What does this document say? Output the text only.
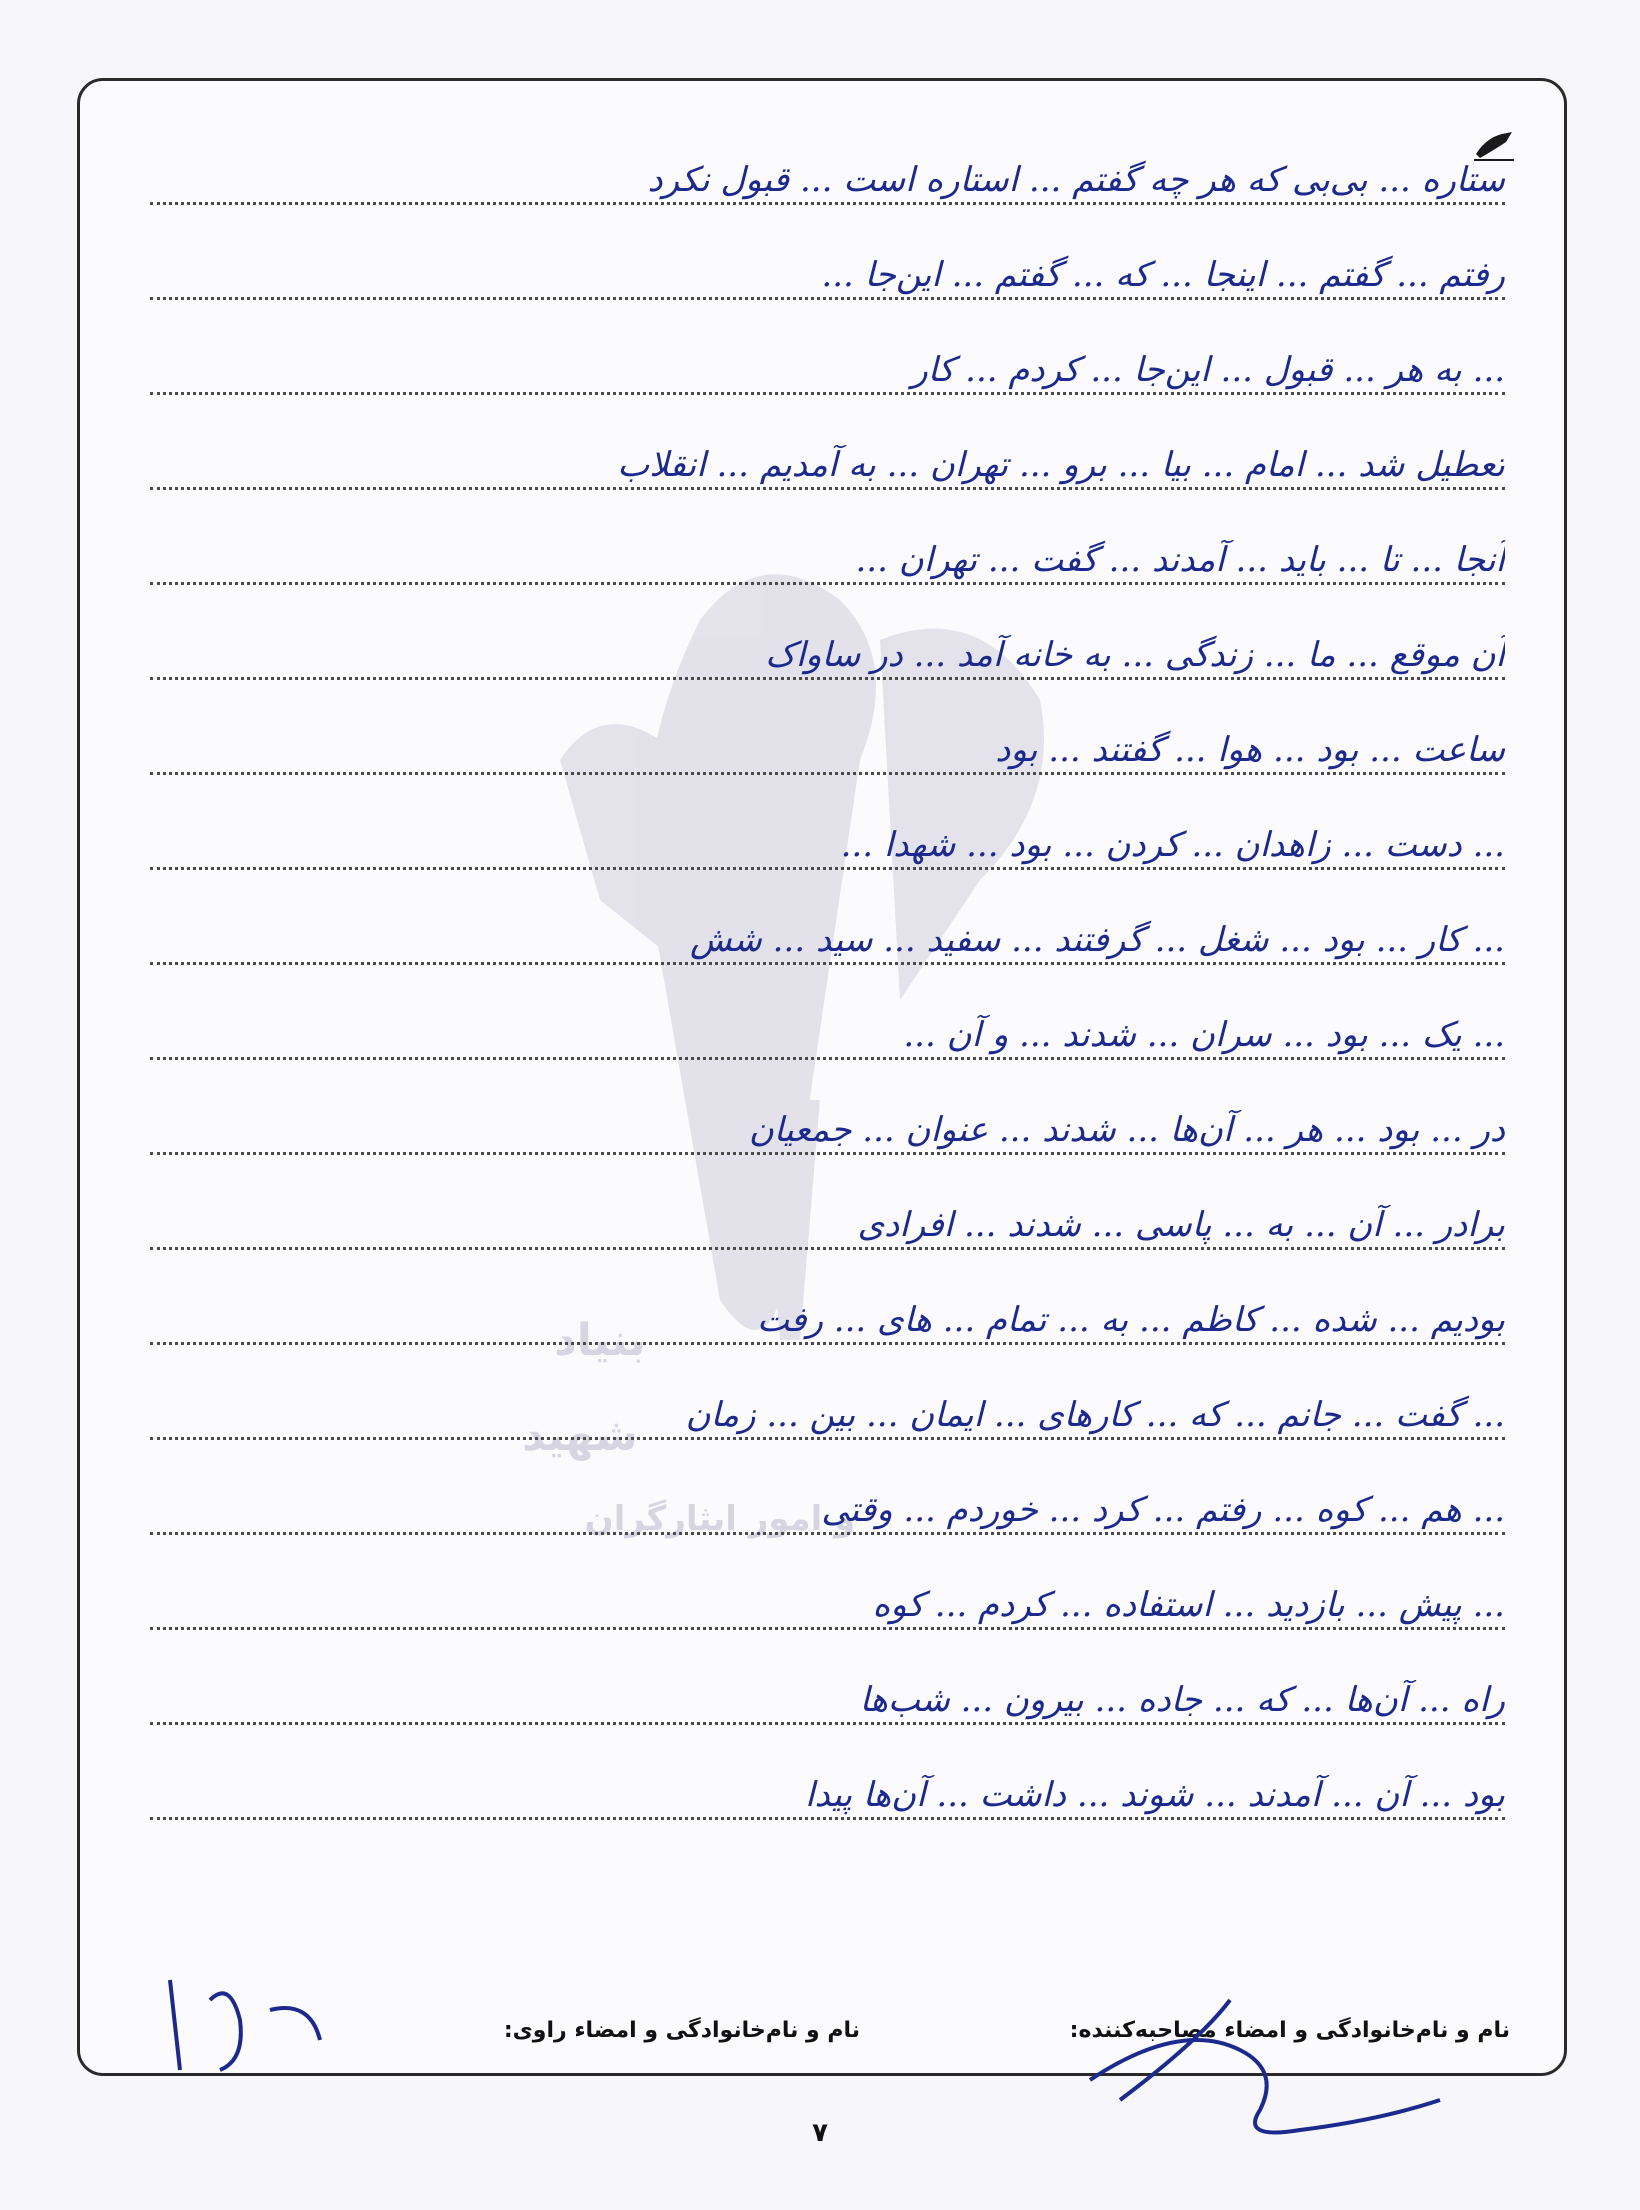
بنیاد
شهید
و امور ایثارگران
ستاره ... بی‌بی که هر چه گفتم ... استاره است ... قبول نکرد
رفتم ... گفتم ... اینجا ... که ... گفتم ... این‌جا ...
... به هر ... قبول ... این‌جا ... کردم ... کار
تعطیل شد ... امام ... بیا ... برو ... تهران ... به آمدیم ... انقلاب
آنجا ... تا ... باید ... آمدند ... گفت ... تهران ...
آن موقع ... ما ... زندگی ... به خانه آمد ... در ساواک
ساعت ... بود ... هوا ... گفتند ... بود
... دست ... زاهدان ... کردن ... بود ... شهدا ...
... کار ... بود ... شغل ... گرفتند ... سفید ... سید ... شش
... یک ... بود ... سران ... شدند ... و آن ...
در ... بود ... هر ... آن‌ها ... شدند ... عنوان ... جمعیان
برادر ... آن ... به ... پاسی ... شدند ... افرادی
بودیم ... شده ... کاظم ... به ... تمام ... های ... رفت
... گفت ... جانم ... که ... کارهای ... ایمان ... بین ... زمان
... هم ... کوه ... رفتم ... کرد ... خوردم ... وقتی
... پیش ... بازدید ... استفاده ... کردم ... کوه
راه ... آن‌ها ... که ... جاده ... بیرون ... شب‌ها
بود ... آن ... آمدند ... شوند ... داشت ... آن‌ها پیدا
نام و نام‌خانوادگی و امضاء مصاحبه‌کننده:
نام و نام‌خانوادگی و امضاء راوی:
۷
